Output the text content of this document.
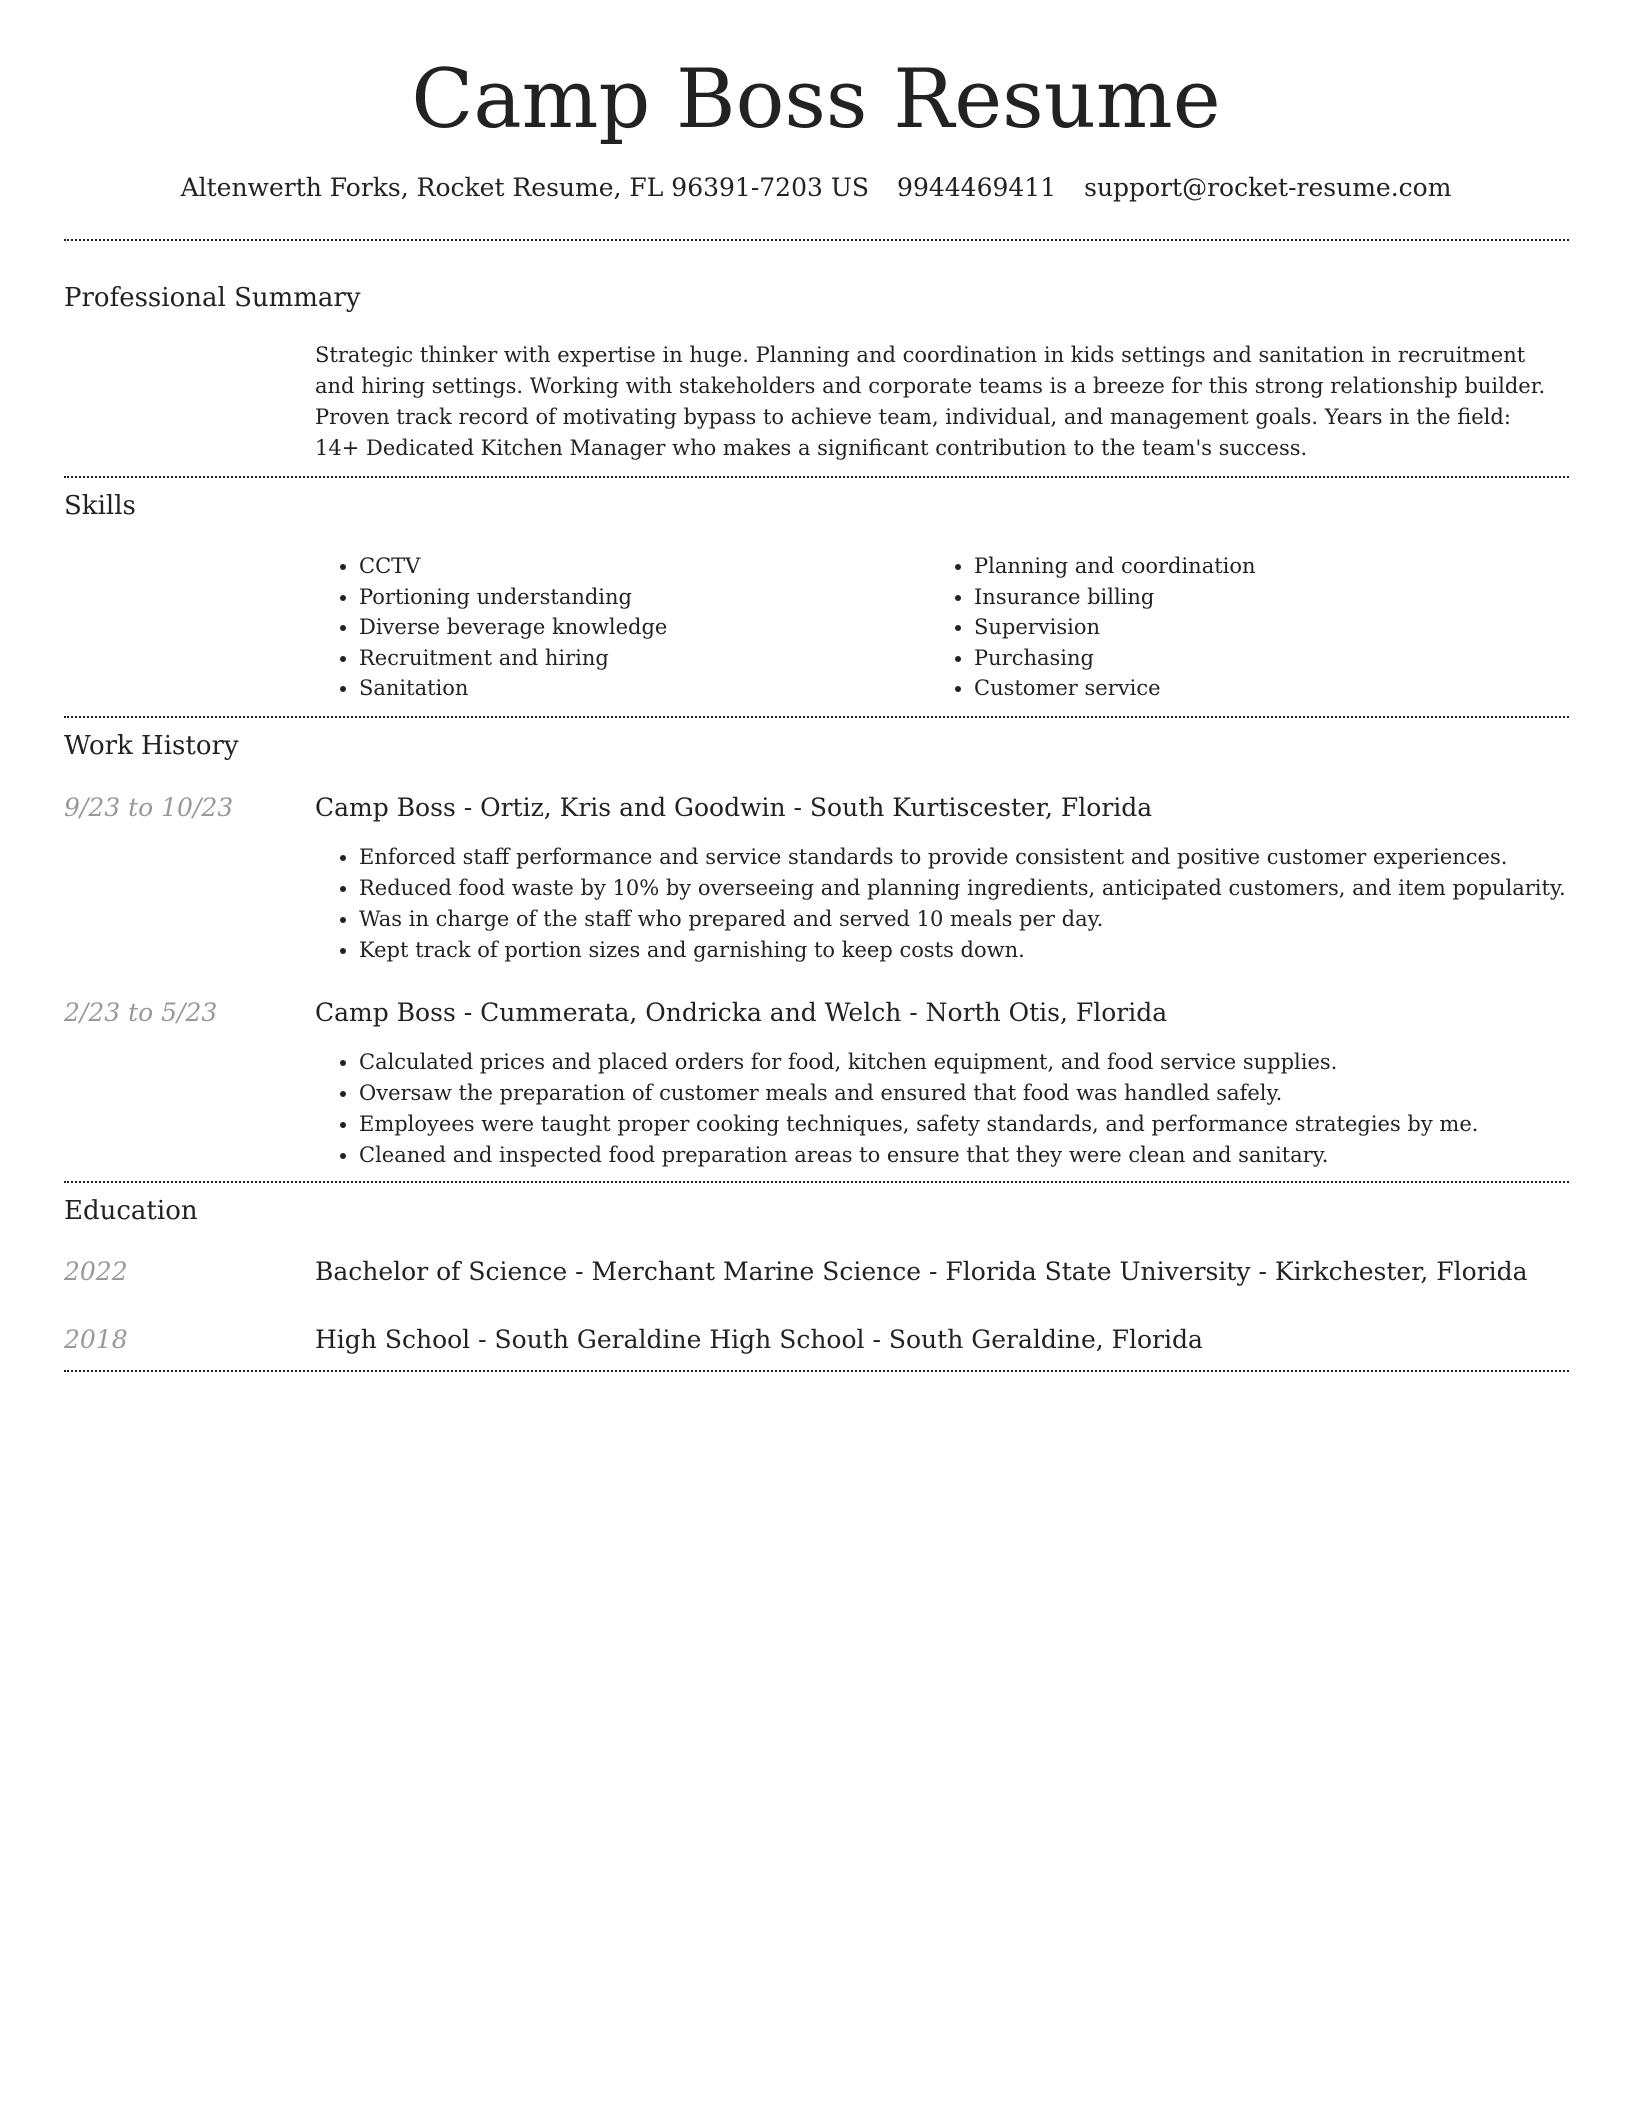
Camp Boss Resume
Altenwerth Forks, Rocket Resume, FL 96391-7203 US 9944469411 support@rocket-resume.com
Professional Summary

Strategic thinker with expertise in huge. Planning and coordination in kids settings and sanitation in recruitment and hiring settings. Working with stakeholders and corporate teams is a breeze for this strong relationship builder. Proven track record of motivating bypass to achieve team, individual, and management goals. Years in the field: 14+ Dedicated Kitchen Manager who makes a significant contribution to the team's success.

Skills
• CCTV
• Portioning understanding
• Diverse beverage knowledge
• Recruitment and hiring
• Sanitation
• Planning and coordination
• Insurance billing
• Supervision
• Purchasing
• Customer service
Work History
9/23 to 10/23	Camp Boss - Ortiz, Kris and Goodwin - South Kurtiscester, Florida
• Enforced staff performance and service standards to provide consistent and positive customer experiences.
• Reduced food waste by 10% by overseeing and planning ingredients, anticipated customers, and item popularity.
• Was in charge of the staff who prepared and served 10 meals per day.
• Kept track of portion sizes and garnishing to keep costs down.
2/23 to 5/23	Camp Boss - Cummerata, Ondricka and Welch - North Otis, Florida
• Calculated prices and placed orders for food, kitchen equipment, and food service supplies.
• Oversaw the preparation of customer meals and ensured that food was handled safely.
• Employees were taught proper cooking techniques, safety standards, and performance strategies by me.
• Cleaned and inspected food preparation areas to ensure that they were clean and sanitary.
Education
2022	Bachelor of Science - Merchant Marine Science - Florida State University - Kirkchester, Florida
2018	High School - South Geraldine High School - South Geraldine, Florida
